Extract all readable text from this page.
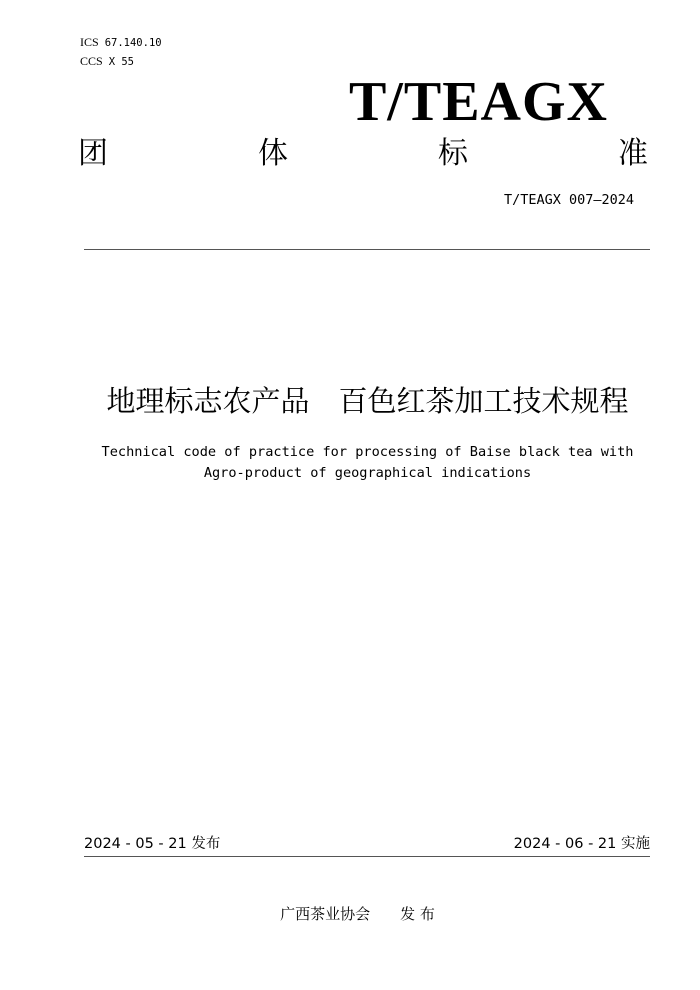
ICS 67.140.10
CCS X 55
T/TEAGX
团	体	标	准
T/TEAGX 007—2024
地理标志农产品　百色红茶加工技术规程
Technical code of practice for processing of Baise black tea with
Agro-product of geographical indications
2024 - 05 - 21 发布	2024 - 06 - 21 实施
广西茶业协会　　发 布
